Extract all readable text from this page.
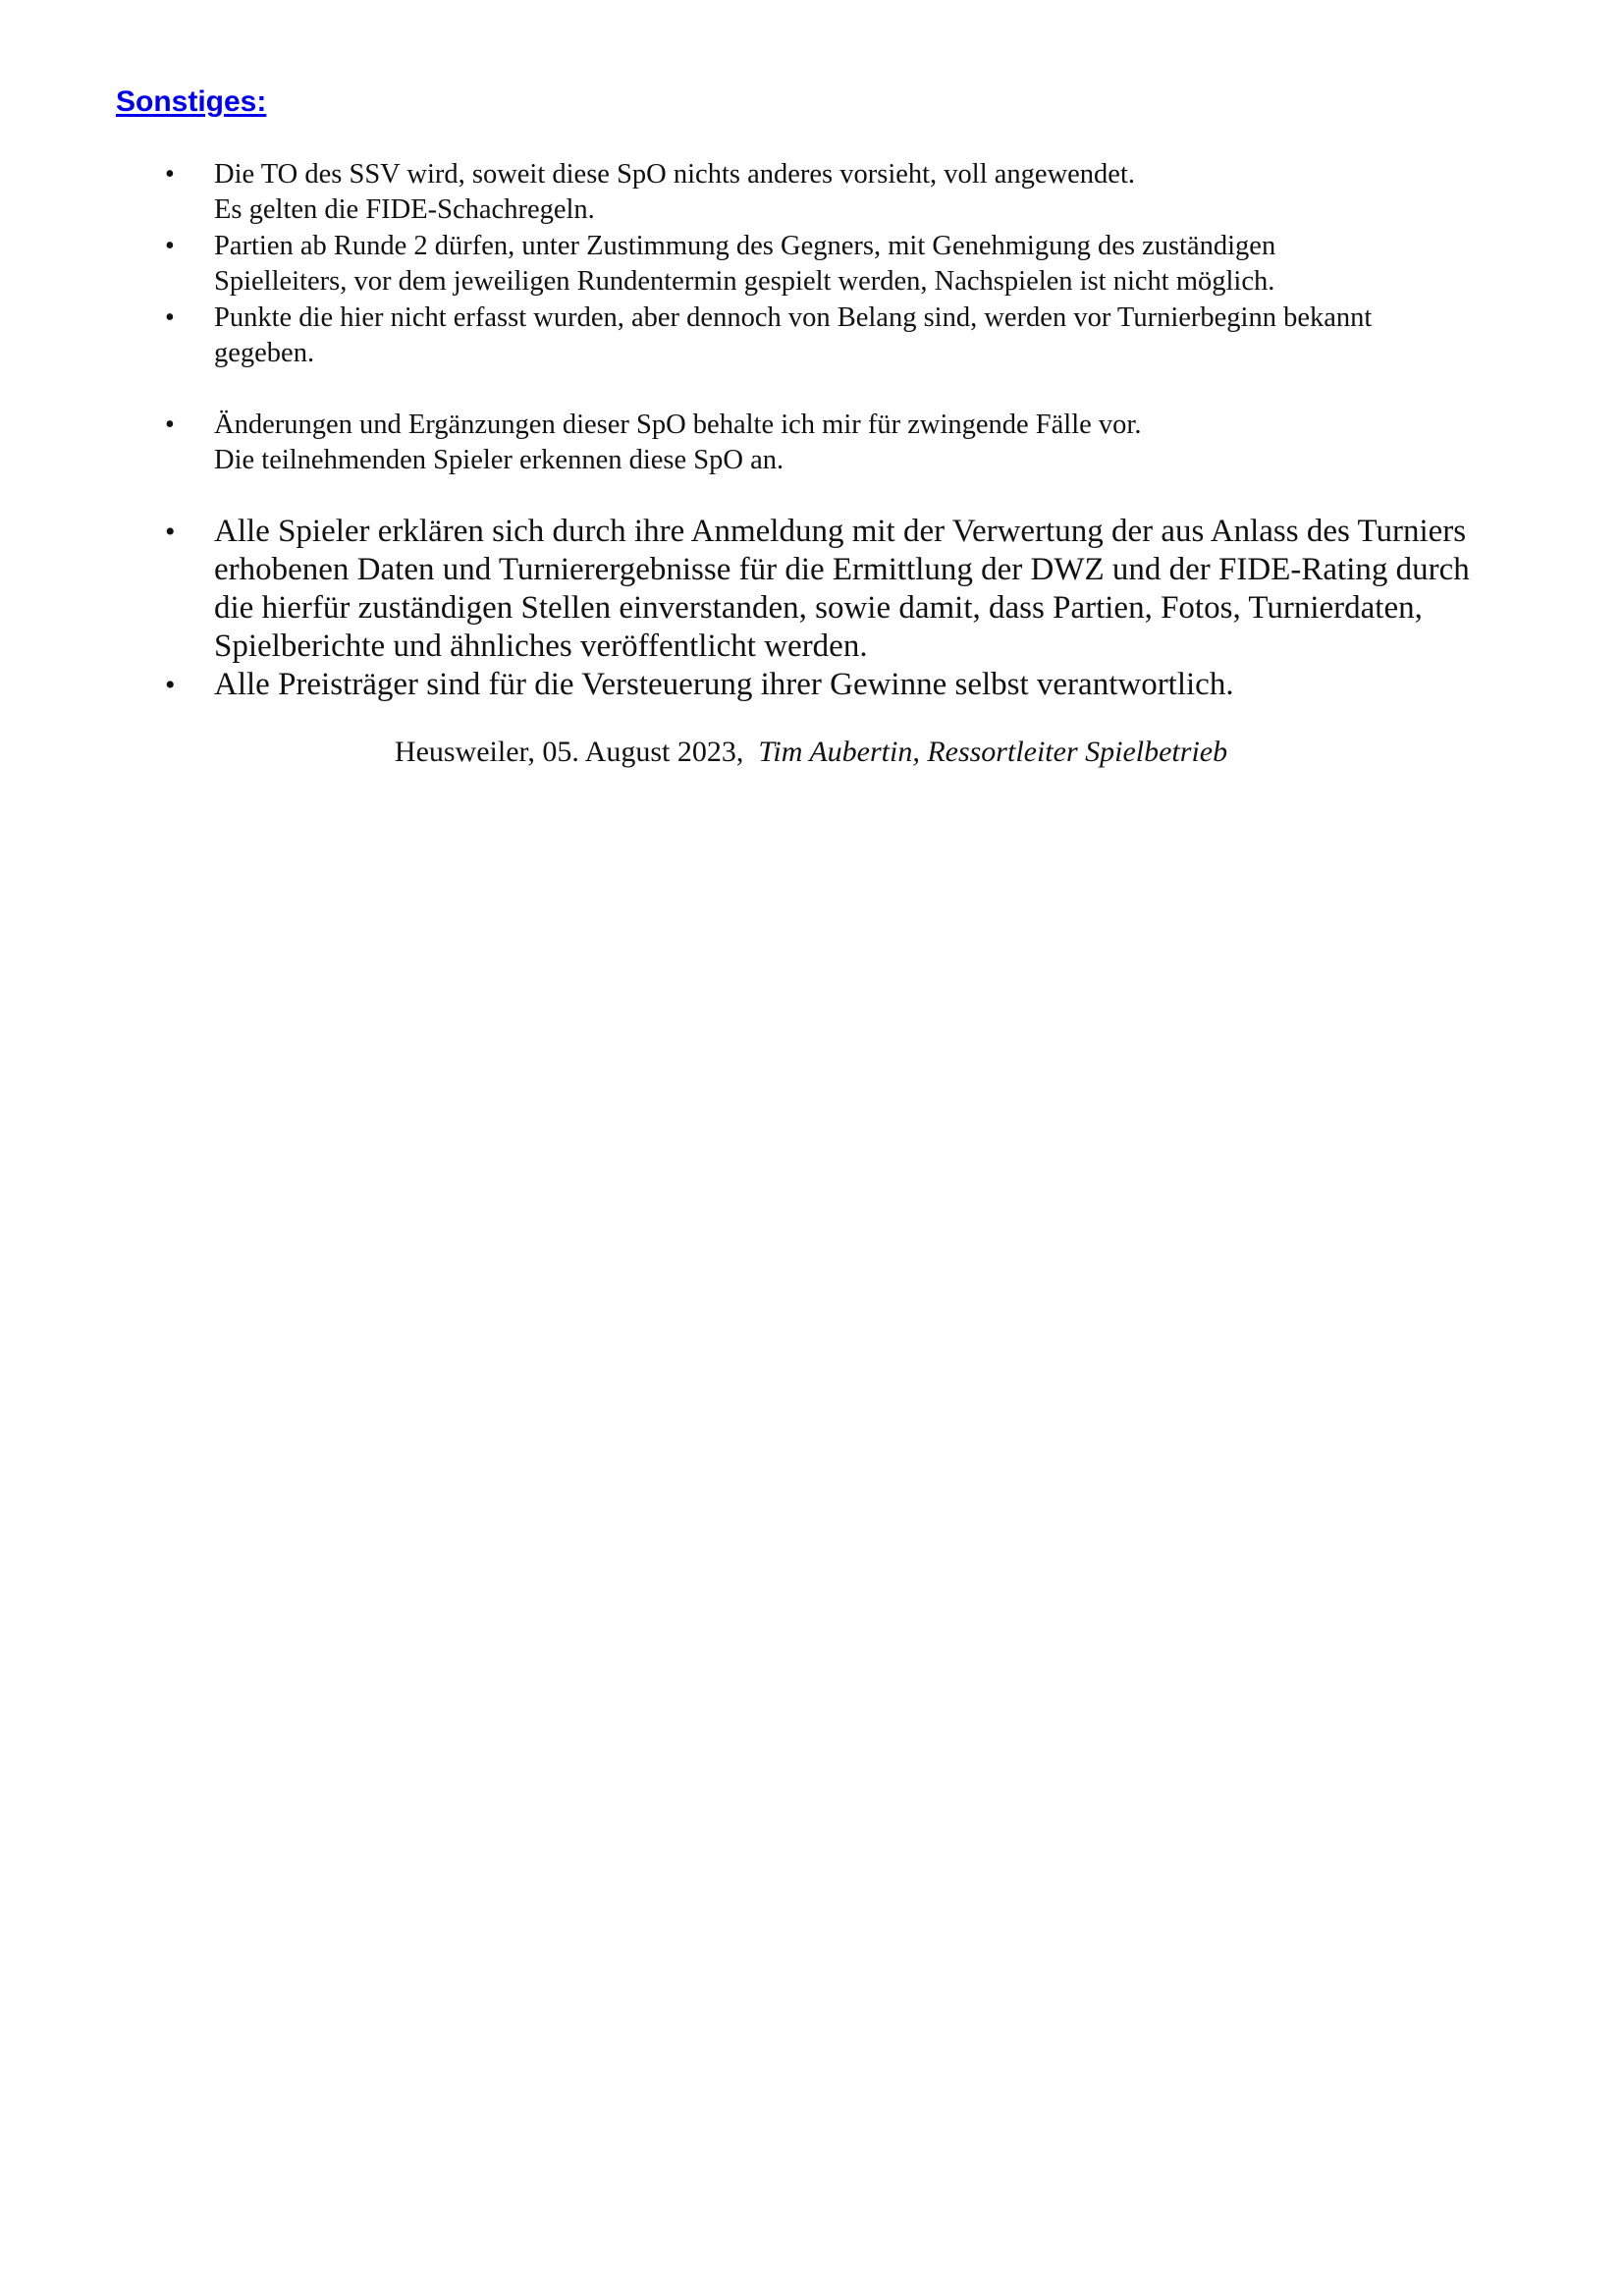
Sonstiges:
• Die TO des SSV wird, soweit diese SpO nichts anderes vorsieht, voll angewendet.
Es gelten die FIDE-Schachregeln.
• Partien ab Runde 2 dürfen, unter Zustimmung des Gegners, mit Genehmigung des zuständigen
Spielleiters, vor dem jeweiligen Rundentermin gespielt werden, Nachspielen ist nicht möglich.
• Punkte die hier nicht erfasst wurden, aber dennoch von Belang sind, werden vor Turnierbeginn bekannt
gegeben.
• Änderungen und Ergänzungen dieser SpO behalte ich mir für zwingende Fälle vor.
Die teilnehmenden Spieler erkennen diese SpO an.
• Alle Spieler erklären sich durch ihre Anmeldung mit der Verwertung der aus Anlass des Turniers
erhobenen Daten und Turnierergebnisse für die Ermittlung der DWZ und der FIDE-Rating durch
die hierfür zuständigen Stellen einverstanden, sowie damit, dass Partien, Fotos, Turnierdaten,
Spielberichte und ähnliches veröffentlicht werden.
• Alle Preisträger sind für die Versteuerung ihrer Gewinne selbst verantwortlich.
Heusweiler, 05. August 2023, Tim Aubertin, Ressortleiter Spielbetrieb
